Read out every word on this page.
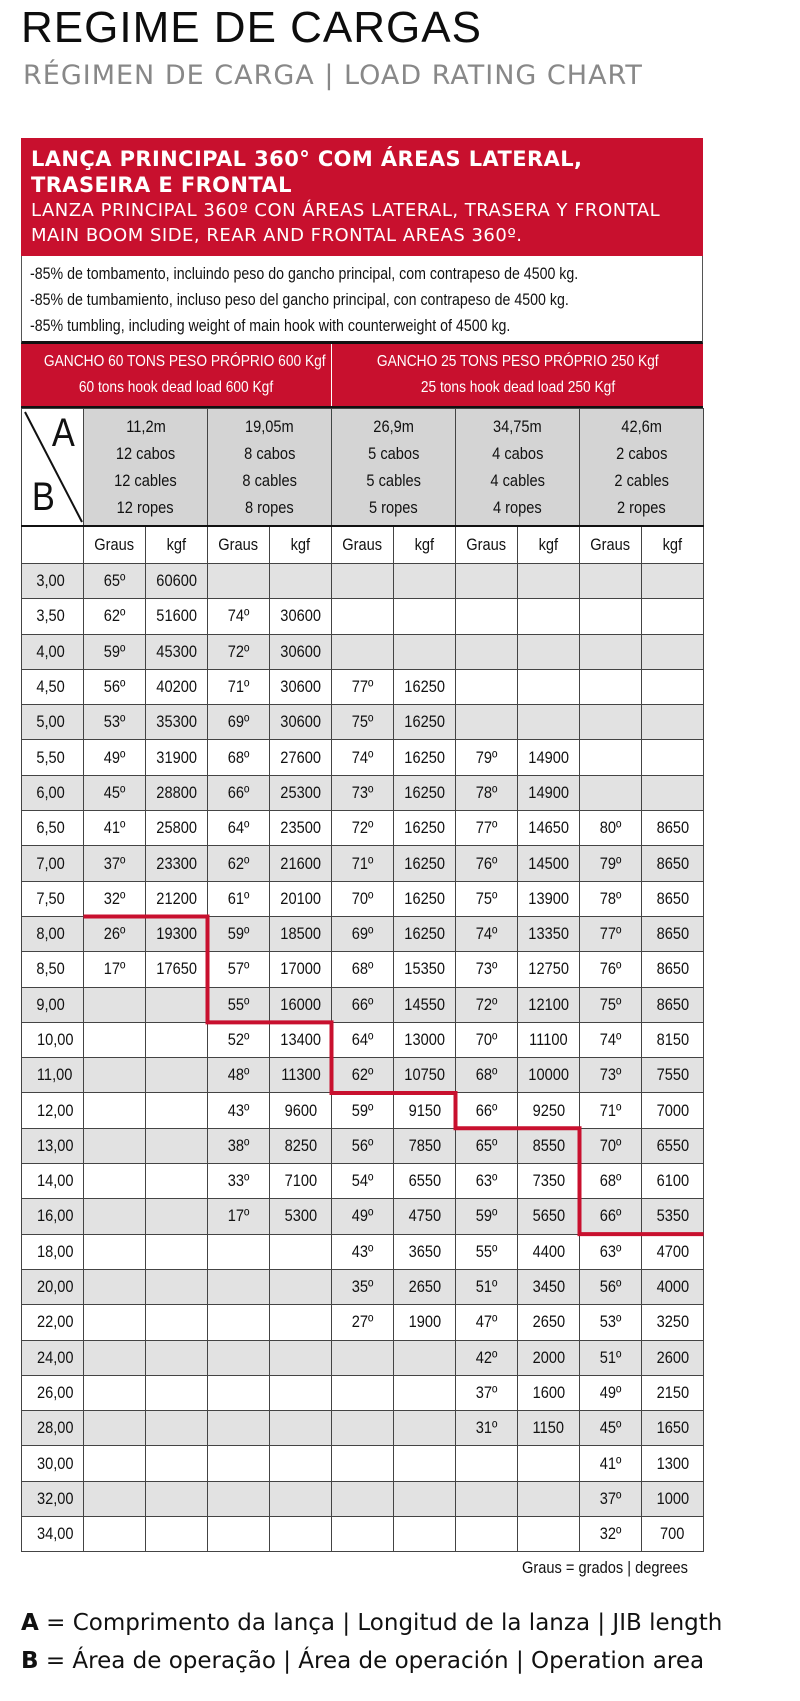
REGIME DE CARGAS
RÉGIMEN DE CARGA | LOAD RATING CHART
LANÇA PRINCIPAL 360° COM ÁREAS LATERAL, TRASEIRA E FRONTAL
LANZA PRINCIPAL 360º CON ÁREAS LATERAL, TRASERA Y FRONTAL
MAIN BOOM SIDE, REAR AND FRONTAL AREAS 360º.
-85% de tombamento, incluindo peso do gancho principal, com contrapeso de 4500 kg.
-85% de tumbamiento, incluso peso del gancho principal, con contrapeso de 4500 kg.
-85% tumbling, including weight of main hook with counterweight of 4500 kg.
GANCHO 60 TONS PESO PRÓPRIO 600 Kgf
60 tons hook dead load 600 Kgf
GANCHO 25 TONS PESO PRÓPRIO 250 Kgf
25 tons hook dead load 250 Kgf
A
B	11,2m
12 cabos
12 cables
12 ropes		19,05m
8 cabos
8 cables
8 ropes		26,9m
5 cabos
5 cables
5 ropes		34,75m
4 cabos
4 cables
4 ropes		42,6m
2 cabos
2 cables
2 ropes	
	Graus	kgf	Graus	kgf	Graus	kgf	Graus	kgf	Graus	kgf
3,00	65º	60600								
3,50	62º	51600	74º	30600						
4,00	59º	45300	72º	30600						
4,50	56º	40200	71º	30600	77º	16250				
5,00	53º	35300	69º	30600	75º	16250				
5,50	49º	31900	68º	27600	74º	16250	79º	14900		
6,00	45º	28800	66º	25300	73º	16250	78º	14900		
6,50	41º	25800	64º	23500	72º	16250	77º	14650	80º	8650
7,00	37º	23300	62º	21600	71º	16250	76º	14500	79º	8650
7,50	32º	21200	61º	20100	70º	16250	75º	13900	78º	8650
8,00	26º	19300	59º	18500	69º	16250	74º	13350	77º	8650
8,50	17º	17650	57º	17000	68º	15350	73º	12750	76º	8650
9,00			55º	16000	66º	14550	72º	12100	75º	8650
10,00			52º	13400	64º	13000	70º	11100	74º	8150
11,00			48º	11300	62º	10750	68º	10000	73º	7550
12,00			43º	9600	59º	9150	66º	9250	71º	7000
13,00			38º	8250	56º	7850	65º	8550	70º	6550
14,00			33º	7100	54º	6550	63º	7350	68º	6100
16,00			17º	5300	49º	4750	59º	5650	66º	5350
18,00					43º	3650	55º	4400	63º	4700
20,00					35º	2650	51º	3450	56º	4000
22,00					27º	1900	47º	2650	53º	3250
24,00							42º	2000	51º	2600
26,00							37º	1600	49º	2150
28,00							31º	1150	45º	1650
30,00									41º	1300
32,00									37º	1000
34,00									32º	700
Graus = grados | degrees
A = Comprimento da lança | Longitud de la lanza | JIB length
B = Área de operação | Área de operación | Operation area
